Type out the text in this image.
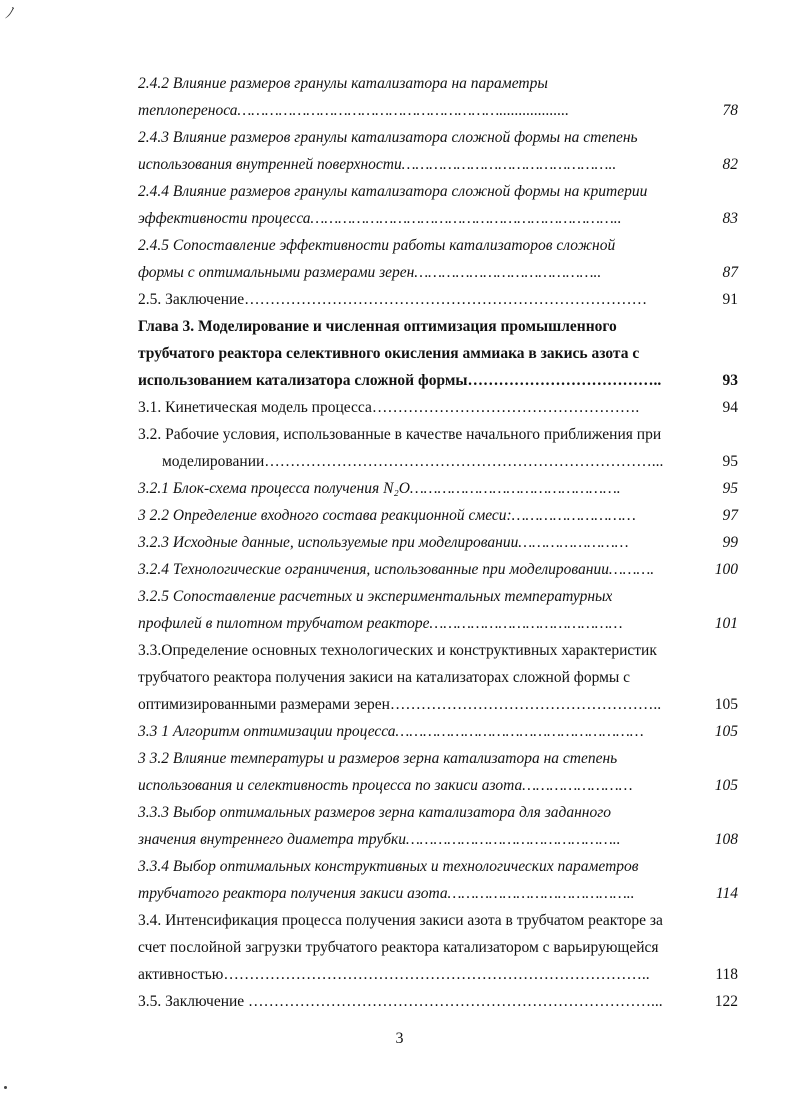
ﾉ
2.4.2 Влияние размеров гранулы катализатора на параметры
теплопереноса…………………………………………………..................	78
2.4.3 Влияние размеров гранулы катализатора сложной формы на степень
использования внутренней поверхности………………………………………..	82
2.4.4 Влияние размеров гранулы катализатора сложной формы на критерии
эффективности процесса…………………………………………………………..	83
2.4.5 Сопоставление эффективности работы катализаторов сложной
формы с оптимальными размерами зерен…………………………………..	87
2.5. Заключение……………………………………………………………………	91
Глава 3. Моделирование и численная оптимизация промышленного
трубчатого реактора селективного окисления аммиака в закись азота с
использованием катализатора сложной формы………………………………..	93
3.1. Кинетическая модель процесса…………………………………………….	94
3.2. Рабочие условия, использованные в качестве начального приближения при
моделировании…………………………………………………………………...	95
3.2.1 Блок-схема процесса получения N₂O……………………………………….	95
3 2.2 Определение входного состава реакционной смеси:………………………	97
3.2.3 Исходные данные, используемые при моделировании……………………	99
3.2.4 Технологические ограничения, использованные при моделировании……….	100
3.2.5 Сопоставление расчетных и экспериментальных температурных
профилей в пилотном трубчатом реакторе……………………………………	101
3.3.Определение основных технологических и конструктивных характеристик
трубчатого реактора получения закиси на катализаторах сложной формы с
оптимизированными размерами зерен……………………………………………..	105
3.3 1 Алгоритм оптимизации процесса………………………………………………	105
3 3.2 Влияние температуры и размеров зерна катализатора на степень
использования и селективность процесса по закиси азота……………………	105
3.3.3 Выбор оптимальных размеров зерна катализатора для заданного
значения внутреннего диаметра трубки………………………………………..	108
3.3.4 Выбор оптимальных конструктивных и технологических параметров
трубчатого реактора получения закиси азота…………………………………..	114
3.4. Интенсификация процесса получения закиси азота в трубчатом реакторе за
счет послойной загрузки трубчатого реактора катализатором с варьирующейся
активностью………………………………………………………………………..	118
3.5. Заключение ……………………………………………………………………...	122
3
